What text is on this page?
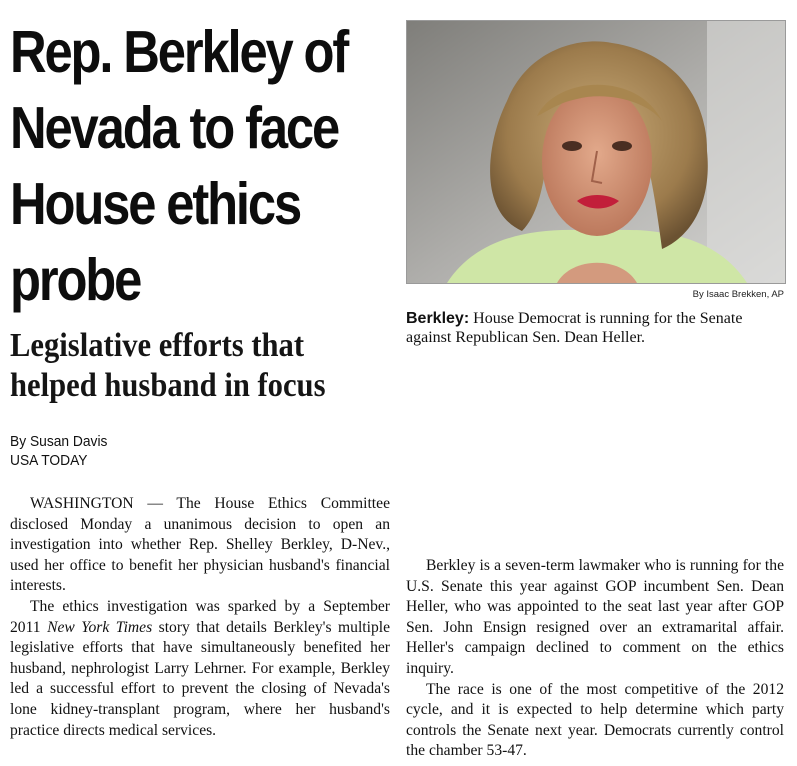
Rep. Berkley of Nevada to face House ethics probe
Legislative efforts that helped husband in focus
By Susan Davis
USA TODAY
By Isaac Brekken, AP
Berkley: House Democrat is running for the Senate against Republican Sen. Dean Heller.

WASHINGTON — The House Ethics Committee disclosed Monday a unanimous decision to open an investigation into whether Rep. Shelley Berkley, D-Nev., used her office to benefit her physician husband's financial interests.

The ethics investigation was sparked by a September 2011 New York Times story that details Berkley's multiple legislative efforts that have simultaneously benefited her husband, nephrologist Larry Lehrner. For example, Berkley led a successful effort to prevent the closing of Nevada's lone kidney-transplant program, where her husband's practice directs medical services.

Berkley is a seven-term lawmaker who is running for the U.S. Senate this year against GOP incumbent Sen. Dean Heller, who was appointed to the seat last year after GOP Sen. John Ensign resigned over an extramarital affair. Heller's campaign declined to comment on the ethics inquiry.

The race is one of the most competitive of the 2012 cycle, and it is expected to help determine which party controls the Senate next year. Democrats currently control the chamber 53-47.
